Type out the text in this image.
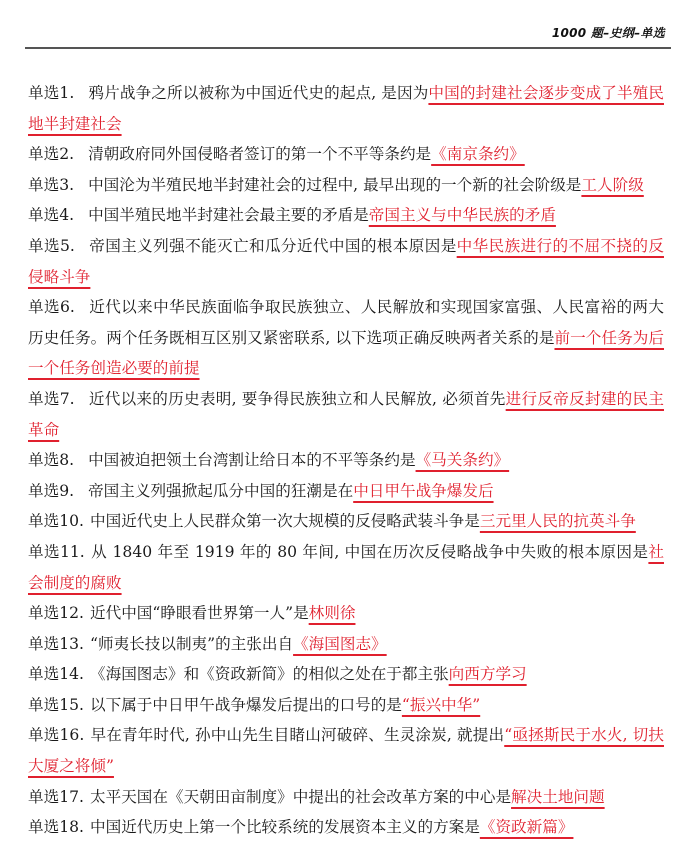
1000 题–史纲–单选
单选1. 鸦片战争之所以被称为中国近代史的起点, 是因为中国的封建社会逐步变成了半殖民地半封建社会
单选2. 清朝政府同外国侵略者签订的第一个不平等条约是《南京条约》
单选3. 中国沦为半殖民地半封建社会的过程中, 最早出现的一个新的社会阶级是工人阶级
单选4. 中国半殖民地半封建社会最主要的矛盾是帝国主义与中华民族的矛盾
单选5. 帝国主义列强不能灭亡和瓜分近代中国的根本原因是中华民族进行的不屈不挠的反侵略斗争
单选6. 近代以来中华民族面临争取民族独立、人民解放和实现国家富强、人民富裕的两大历史任务。两个任务既相互区别又紧密联系, 以下选项正确反映两者关系的是前一个任务为后一个任务创造必要的前提
单选7. 近代以来的历史表明, 要争得民族独立和人民解放, 必须首先进行反帝反封建的民主革命
单选8. 中国被迫把领土台湾割让给日本的不平等条约是《马关条约》
单选9. 帝国主义列强掀起瓜分中国的狂潮是在中日甲午战争爆发后
单选10. 中国近代史上人民群众第一次大规模的反侵略武装斗争是三元里人民的抗英斗争
单选11. 从 1840 年至 1919 年的 80 年间, 中国在历次反侵略战争中失败的根本原因是社会制度的腐败
单选12. 近代中国“睁眼看世界第一人”是林则徐
单选13. “师夷长技以制夷”的主张出自《海国图志》
单选14. 《海国图志》和《资政新简》的相似之处在于都主张向西方学习
单选15. 以下属于中日甲午战争爆发后提出的口号的是“振兴中华”
单选16. 早在青年时代, 孙中山先生目睹山河破碎、生灵涂炭, 就提出“亟拯斯民于水火, 切扶大厦之将倾”
单选17. 太平天国在《天朝田亩制度》中提出的社会改革方案的中心是解决土地问题
单选18. 中国近代历史上第一个比较系统的发展资本主义的方案是《资政新篇》
